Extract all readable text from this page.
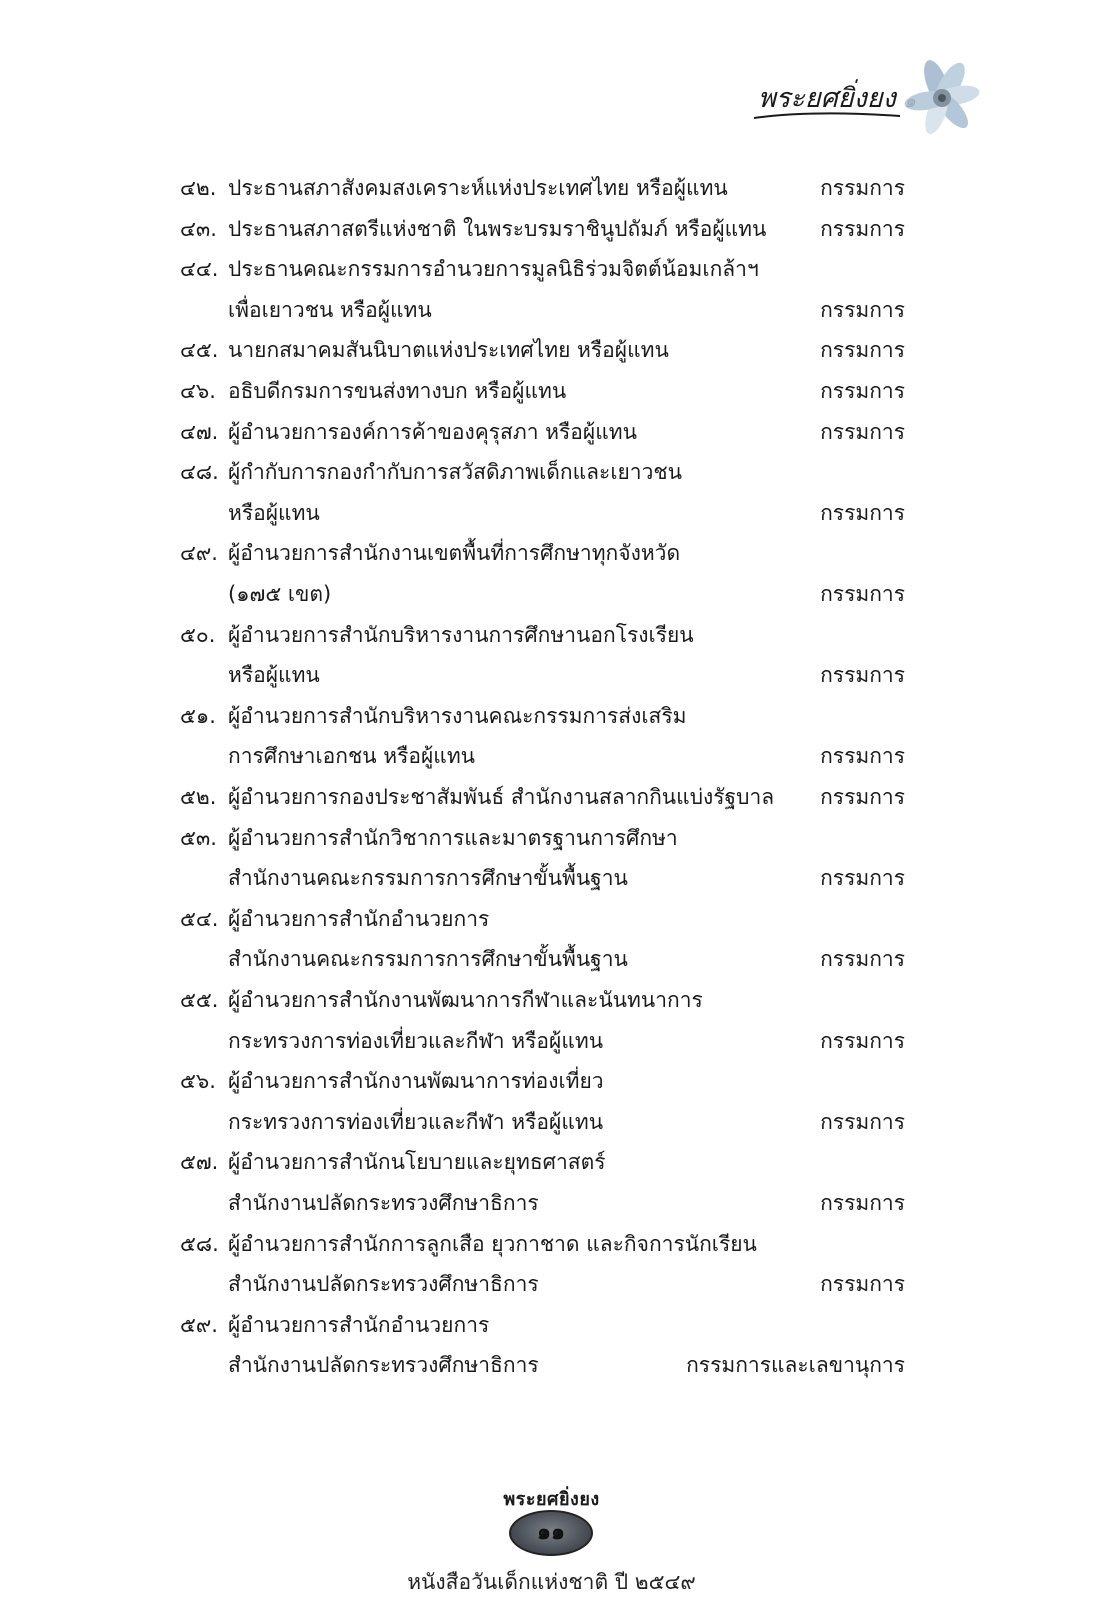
พระยศยิ่งยง
๔๒. ประธานสภาสังคมสงเคราะห์แห่งประเทศไทย หรือผู้แทน	กรรมการ
๔๓. ประธานสภาสตรีแห่งชาติ ในพระบรมราชินูปถัมภ์ หรือผู้แทน	กรรมการ
๔๔. ประธานคณะกรรมการอำนวยการมูลนิธิร่วมจิตต์น้อมเกล้าฯ
เพื่อเยาวชน หรือผู้แทน	กรรมการ
๔๕. นายกสมาคมสันนิบาตแห่งประเทศไทย หรือผู้แทน	กรรมการ
๔๖. อธิบดีกรมการขนส่งทางบก หรือผู้แทน	กรรมการ
๔๗. ผู้อำนวยการองค์การค้าของคุรุสภา หรือผู้แทน	กรรมการ
๔๘. ผู้กำกับการกองกำกับการสวัสดิภาพเด็กและเยาวชน
หรือผู้แทน	กรรมการ
๔๙. ผู้อำนวยการสำนักงานเขตพื้นที่การศึกษาทุกจังหวัด
(๑๗๕ เขต)	กรรมการ
๕๐. ผู้อำนวยการสำนักบริหารงานการศึกษานอกโรงเรียน
หรือผู้แทน	กรรมการ
๕๑. ผู้อำนวยการสำนักบริหารงานคณะกรรมการส่งเสริม
การศึกษาเอกชน หรือผู้แทน	กรรมการ
๕๒. ผู้อำนวยการกองประชาสัมพันธ์ สำนักงานสลากกินแบ่งรัฐบาล กรรมการ
๕๓. ผู้อำนวยการสำนักวิชาการและมาตรฐานการศึกษา
สำนักงานคณะกรรมการการศึกษาขั้นพื้นฐาน	กรรมการ
๕๔. ผู้อำนวยการสำนักอำนวยการ
สำนักงานคณะกรรมการการศึกษาขั้นพื้นฐาน	กรรมการ
๕๕. ผู้อำนวยการสำนักงานพัฒนาการกีฬาและนันทนาการ
กระทรวงการท่องเที่ยวและกีฬา หรือผู้แทน	กรรมการ
๕๖. ผู้อำนวยการสำนักงานพัฒนาการท่องเที่ยว
กระทรวงการท่องเที่ยวและกีฬา หรือผู้แทน	กรรมการ
๕๗. ผู้อำนวยการสำนักนโยบายและยุทธศาสตร์
สำนักงานปลัดกระทรวงศึกษาธิการ	กรรมการ
๕๘. ผู้อำนวยการสำนักการลูกเสือ ยุวกาชาด และกิจการนักเรียน
สำนักงานปลัดกระทรวงศึกษาธิการ	กรรมการ
๕๙. ผู้อำนวยการสำนักอำนวยการ
สำนักงานปลัดกระทรวงศึกษาธิการ	กรรมการและเลขานุการ
พระยศยิ่งยง
๑๑
หนังสือวันเด็กแห่งชาติ ปี ๒๕๔๙
